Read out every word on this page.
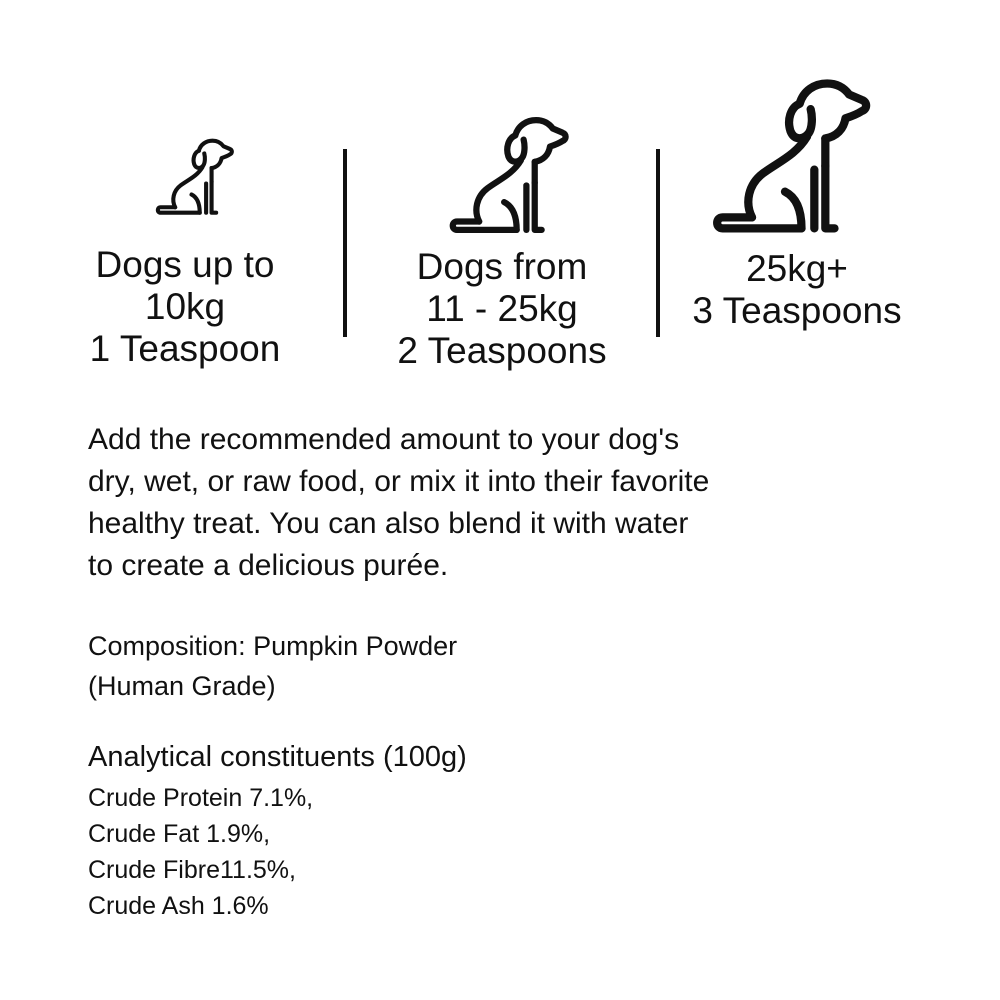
Dogs up to
10kg
1 Teaspoon
Dogs from
11 - 25kg
2 Teaspoons
25kg+
3 Teaspoons
Add the recommended amount to your dog's
dry, wet, or raw food, or mix it into their favorite
healthy treat. You can also blend it with water
to create a delicious purée.
Composition: Pumpkin Powder
(Human Grade)
Analytical constituents (100g)
Crude Protein 7.1%,
Crude Fat 1.9%,
Crude Fibre11.5%,
Crude Ash 1.6%
